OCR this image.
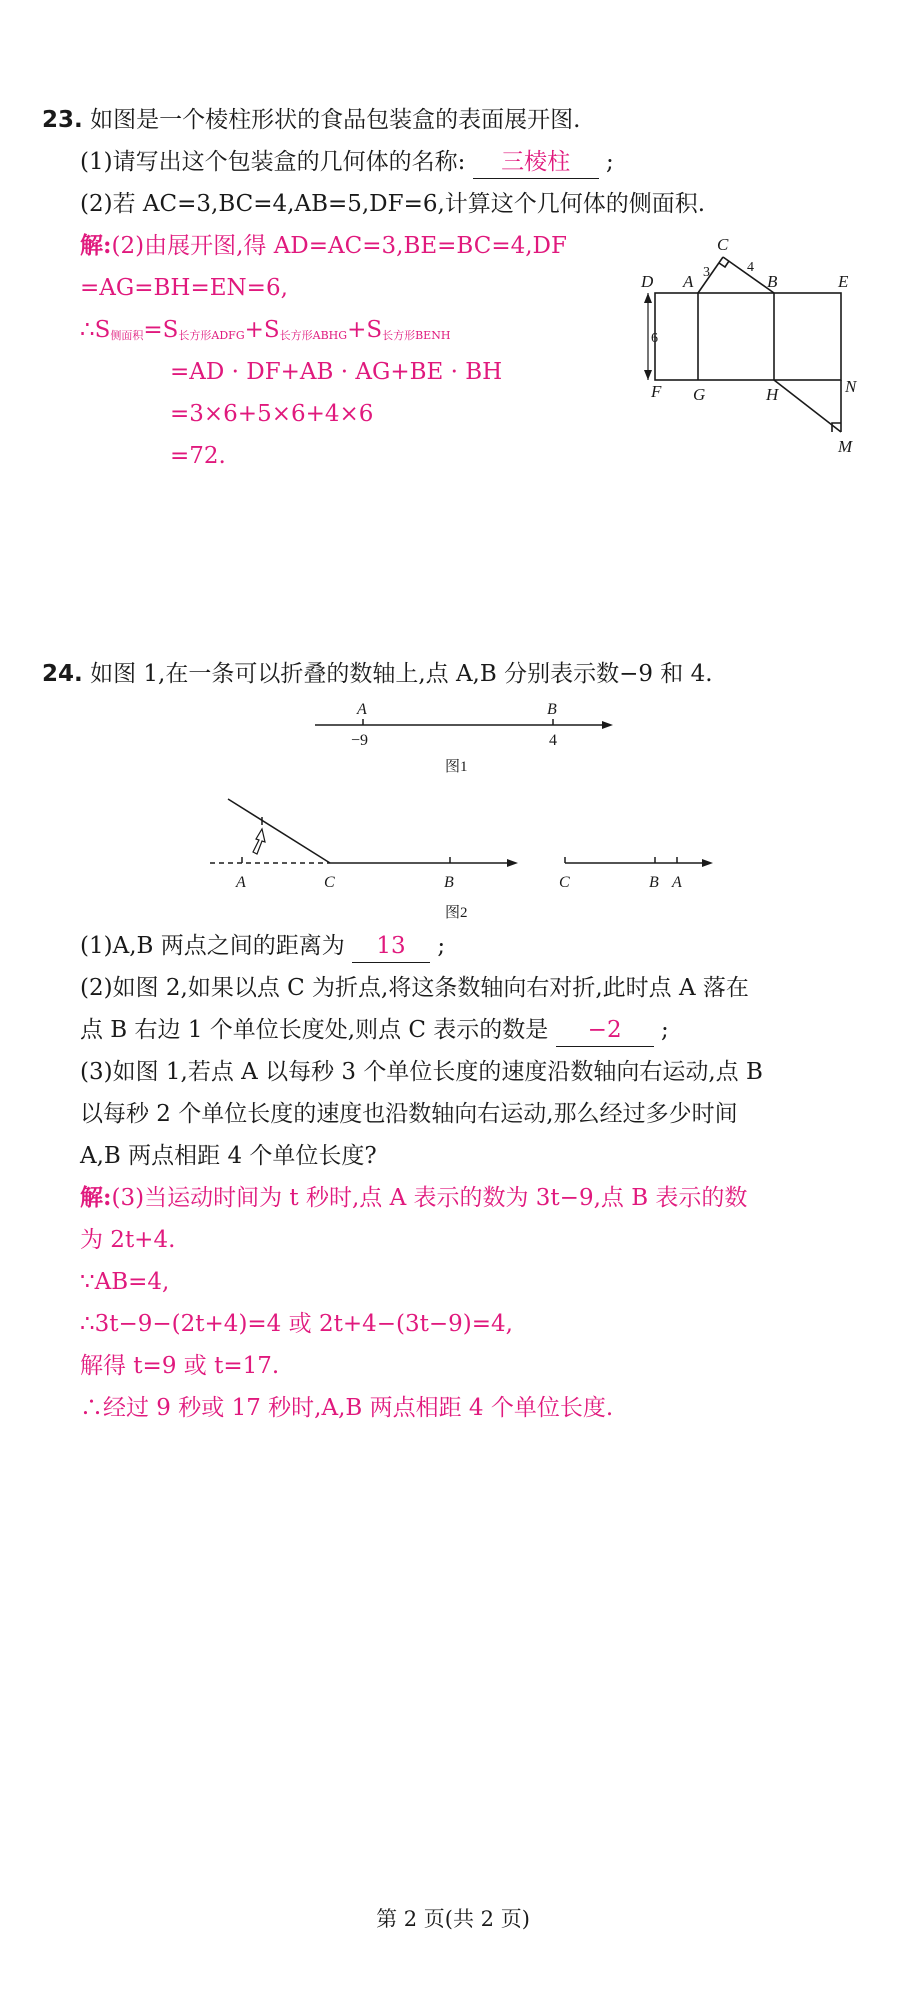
23. 如图是一个棱柱形状的食品包装盒的表面展开图.
(1)请写出这个包装盒的几何体的名称: 三棱柱 ;
(2)若 AC=3,BC=4,AB=5,DF=6,计算这个几何体的侧面积.
解:(2)由展开图,得 AD=AC=3,BE=BC=4,DF
=AG=BH=EN=6,
$\therefore S_{侧面积}=S_{长方形ADFG}+S_{长方形ABHG}+S_{长方形BENH}$
=AD · DF+AB · AG+BE · BH
=3×6+5×6+4×6
=72.
C
D A	B	E
F G	H	N
M
3	4
6
24. 如图 1,在一条可以折叠的数轴上,点 A,B 分别表示数−9 和 4.
A	B
−9	4
图1
A	C	B	C	B A
图2
(1)A,B 两点之间的距离为 13 ;
(2)如图 2,如果以点 C 为折点,将这条数轴向右对折,此时点 A 落在
点 B 右边 1 个单位长度处,则点 C 表示的数是 −2 ;
(3)如图 1,若点 A 以每秒 3 个单位长度的速度沿数轴向右运动,点 B
以每秒 2 个单位长度的速度也沿数轴向右运动,那么经过多少时间
A,B 两点相距 4 个单位长度?
解:(3)当运动时间为 t 秒时,点 A 表示的数为 3t−9,点 B 表示的数
为 2t+4.
∵AB=4,
∴3t−9−(2t+4)=4 或 2t+4−(3t−9)=4,
解得 t=9 或 t=17.
∴经过 9 秒或 17 秒时,A,B 两点相距 4 个单位长度.
第 2 页(共 2 页)
